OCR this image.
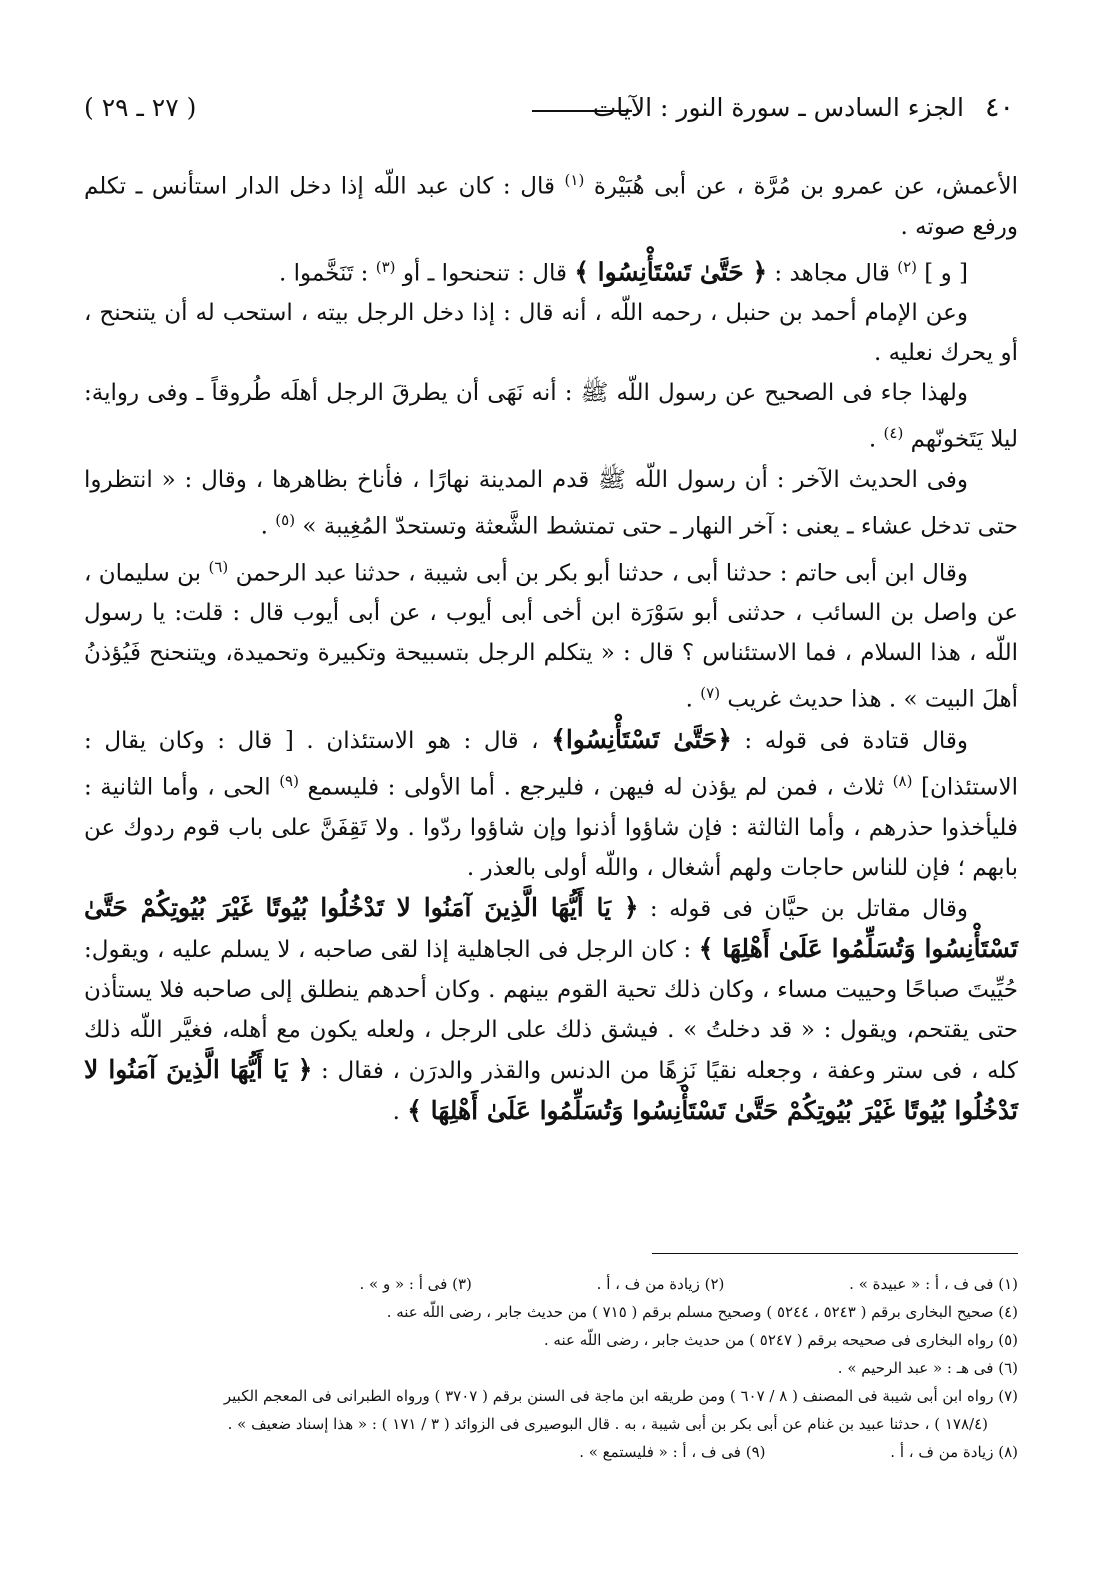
٤٠
الجزء السادس ـ سورة النور : الآيات
( ٢٧ ـ ٢٩ )

الأعمش، عن عمرو بن مُرَّة ، عن أبى هُبَيْرة $^{(١)}$ قال : كان عبد اللّه إذا دخل الدار استأنس ـ تكلم ورفع صوته .

[ و ] $^{(٢)}$ قال مجاهد : ﴿ حَتَّىٰ تَسْتَأْنِسُوا ﴾ قال : تنحنحوا ـ أو $^{(٣)}$ : تَنَخَّموا .

وعن الإمام أحمد بن حنبل ، رحمه اللّه ، أنه قال : إذا دخل الرجل بيته ، استحب له أن يتنحنح ، أو يحرك نعليه .

ولهذا جاء فى الصحيح عن رسول اللّه ﷺ : أنه نَهَى أن يطرقَ الرجل أهلَه طُروقاً ـ وفى رواية: ليلا يَتَخونّهم $^{(٤)}$ .

وفى الحديث الآخر : أن رسول اللّه ﷺ قدم المدينة نهارًا ، فأناخ بظاهرها ، وقال : « انتظروا حتى تدخل عشاء ـ يعنى : آخر النهار ـ حتى تمتشط الشَّعثة وتستحدّ المُغِيبة » $^{(٥)}$ .

وقال ابن أبى حاتم : حدثنا أبى ، حدثنا أبو بكر بن أبى شيبة ، حدثنا عبد الرحمن $^{(٦)}$ بن سليمان ، عن واصل بن السائب ، حدثنى أبو سَوْرَة ابن أخى أبى أيوب ، عن أبى أيوب قال : قلت: يا رسول اللّه ، هذا السلام ، فما الاستئناس ؟ قال : « يتكلم الرجل بتسبيحة وتكبيرة وتحميدة، ويتنحنح فَيُؤذنُ أهلَ البيت » . هذا حديث غريب $^{(٧)}$ .

وقال قتادة فى قوله : ﴿حَتَّىٰ تَسْتَأْنِسُوا﴾ ، قال : هو الاستئذان . [ قال : وكان يقال : الاستئذان] $^{(٨)}$ ثلاث ، فمن لم يؤذن له فيهن ، فليرجع . أما الأولى : فليسمع $^{(٩)}$ الحى ، وأما الثانية : فليأخذوا حذرهم ، وأما الثالثة : فإن شاؤوا أذنوا وإن شاؤوا ردّوا . ولا تَقِفَنَّ على باب قوم ردوك عن بابهم ؛ فإن للناس حاجات ولهم أشغال ، واللّه أولى بالعذر .

وقال مقاتل بن حيَّان فى قوله : ﴿ يَا أَيُّهَا الَّذِينَ آمَنُوا لا تَدْخُلُوا بُيُوتًا غَيْرَ بُيُوتِكُمْ حَتَّىٰ تَسْتَأْنِسُوا وَتُسَلِّمُوا عَلَىٰ أَهْلِهَا ﴾ : كان الرجل فى الجاهلية إذا لقى صاحبه ، لا يسلم عليه ، ويقول: حُيِّيتَ صباحًا وحييت مساء ، وكان ذلك تحية القوم بينهم . وكان أحدهم ينطلق إلى صاحبه فلا يستأذن حتى يقتحم، ويقول : « قد دخلتُ » . فيشق ذلك على الرجل ، ولعله يكون مع أهله، فغيَّر اللّه ذلك كله ، فى ستر وعفة ، وجعله نقيًا نَزِهًا من الدنس والقذر والدرَن ، فقال : ﴿ يَا أَيُّهَا الَّذِينَ آمَنُوا لا تَدْخُلُوا بُيُوتًا غَيْرَ بُيُوتِكُمْ حَتَّىٰ تَسْتَأْنِسُوا وَتُسَلِّمُوا عَلَىٰ أَهْلِهَا ﴾ .

(١) فى ف ، أ : « عبيدة » . (٢) زيادة من ف ، أ . (٣) فى أ : « و » .

(٤) صحيح البخارى برقم ( ٥٢٤٣ ، ٥٢٤٤ ) وصحيح مسلم برقم ( ٧١٥ ) من حديث جابر ، رضى اللّه عنه .

(٥) رواه البخارى فى صحيحه برقم ( ٥٢٤٧ ) من حديث جابر ، رضى اللّه عنه .

(٦) فى هـ : « عبد الرحيم » .

(٧) رواه ابن أبى شيبة فى المصنف ( ٨ / ٦٠٧ ) ومن طريقه ابن ماجة فى السنن برقم ( ٣٧٠٧ ) ورواه الطبرانى فى المعجم الكبير

(١٧٨/٤ ) ، حدثنا عبيد بن غنام عن أبى بكر بن أبى شيبة ، به . قال البوصيرى فى الزوائد ( ٣ / ١٧١ ) : « هذا إسناد ضعيف » .

(٨) زيادة من ف ، أ . (٩) فى ف ، أ : « فليستمع » .
